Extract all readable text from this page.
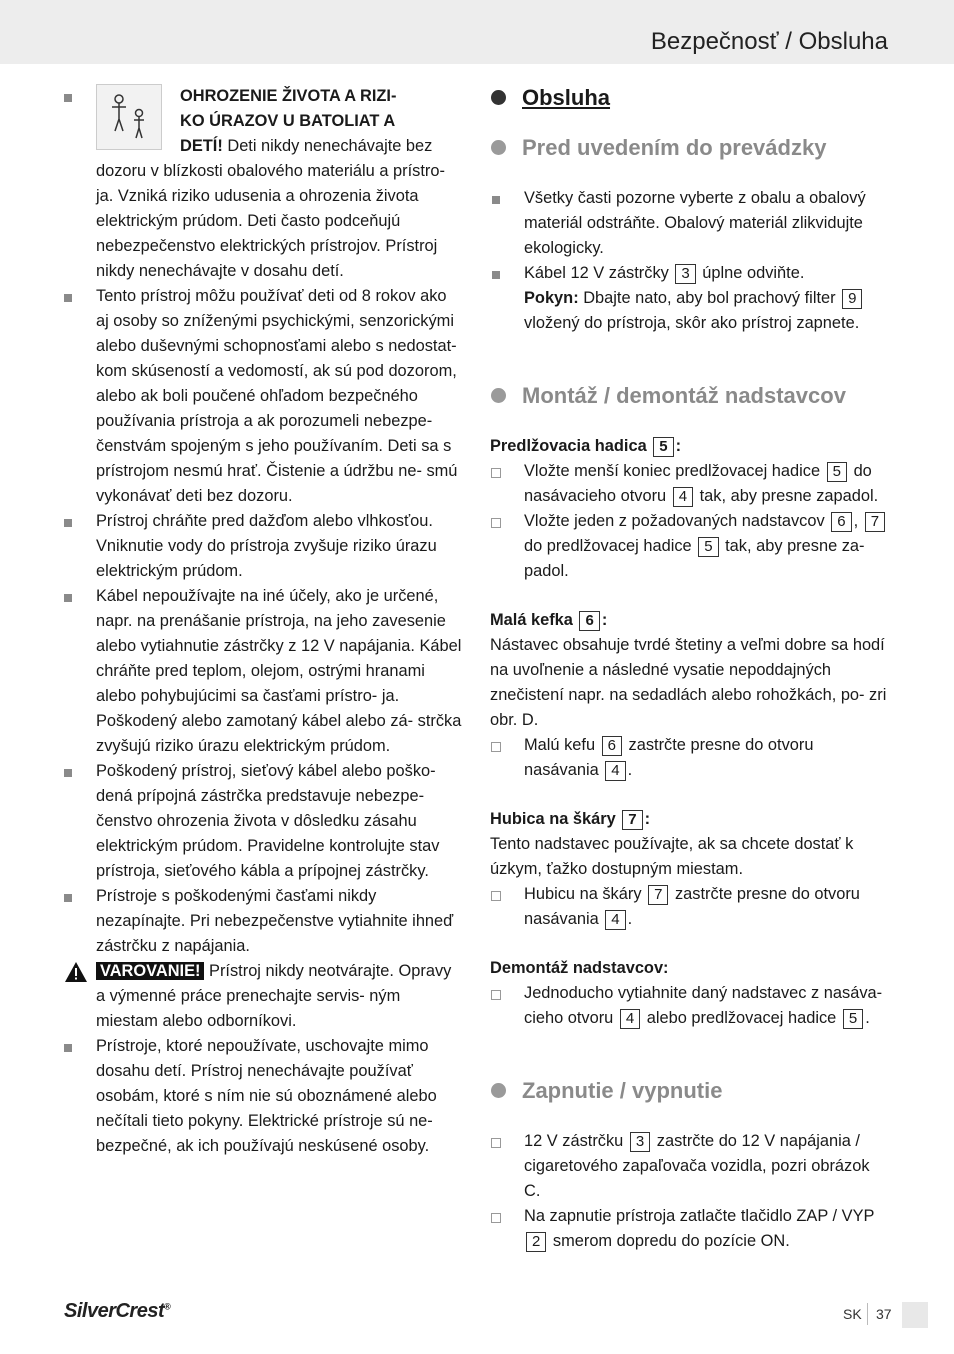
Bezpečnosť / Obsluha
OHROZENIE ŽIVOTA A RIZI-
KO ÚRAZOV U BATOLIAT A
DETÍ! Deti nikdy nenechávajte bez dozoru v blízkosti obalového materiálu a prístro- ja. Vzniká riziko udusenia a ohrozenia života elektrickým prúdom. Deti často podceňujú nebezpečenstvo elektrických prístrojov. Prístroj nikdy nenechávajte v dosahu detí.
Tento prístroj môžu používať deti od 8 rokov ako aj osoby so zníženými psychickými, senzorickými alebo duševnými schopnosťami alebo s nedostat- kom skúseností a vedomostí, ak sú pod dozorom, alebo ak boli poučené ohľadom bezpečného používania prístroja a ak porozumeli nebezpe- čenstvám spojeným s jeho používaním. Deti sa s prístrojom nesmú hrať. Čistenie a údržbu ne- smú vykonávať deti bez dozoru.
Prístroj chráňte pred dažďom alebo vlhkosťou. Vniknutie vody do prístroja zvyšuje riziko úrazu elektrickým prúdom.
Kábel nepoužívajte na iné účely, ako je určené, napr. na prenášanie prístroja, na jeho zavesenie alebo vytiahnutie zástrčky z 12 V napájania. Kábel chráňte pred teplom, olejom, ostrými hranami alebo pohybujúcimi sa časťami prístro- ja. Poškodený alebo zamotaný kábel alebo zá- strčka zvyšujú riziko úrazu elektrickým prúdom.
Poškodený prístroj, sieťový kábel alebo poško- dená prípojná zástrčka predstavuje nebezpe- čenstvo ohrozenia života v dôsledku zásahu elektrickým prúdom. Pravidelne kontrolujte stav prístroja, sieťového kábla a prípojnej zástrčky.
Prístroje s poškodenými časťami nikdy nezapínajte. Pri nebezpečenstve vytiahnite ihneď zástrčku z napájania.
VAROVANIE! Prístroj nikdy neotvárajte. Opravy a výmenné práce prenechajte servis- ným miestam alebo odborníkovi.
Prístroje, ktoré nepoužívate, uschovajte mimo dosahu detí. Prístroj nenechávajte používať osobám, ktoré s ním nie sú oboznámené alebo nečítali tieto pokyny. Elektrické prístroje sú ne- bezpečné, ak ich používajú neskúsené osoby.
Obsluha
Pred uvedením do prevádzky
Všetky časti pozorne vyberte z obalu a obalový materiál odstráňte. Obalový materiál zlikvidujte ekologicky.
Kábel 12 V zástrčky 3 úplne odviňte.
Pokyn: Dbajte nato, aby bol prachový filter 9 vložený do prístroja, skôr ako prístroj zapnete.
Montáž / demontáž nadstavcov
Predlžovacia hadica 5 :
Vložte menší koniec predlžovacej hadice 5 do nasávacieho otvoru 4 tak, aby presne zapadol.
Vložte jeden z požadovaných nadstavcov 6 , 7 do predlžovacej hadice 5 tak, aby presne za- padol.
Malá kefka 6 :
Nástavec obsahuje tvrdé štetiny a veľmi dobre sa hodí na uvoľnenie a následné vysatie nepoddajných znečistení napr. na sedadlách alebo rohožkách, po- zri obr. D.
Malú kefu 6 zastrčte presne do otvoru nasávania 4 .
Hubica na škáry 7 :
Tento nadstavec používajte, ak sa chcete dostať k úzkym, ťažko dostupným miestam.
Hubicu na škáry 7 zastrčte presne do otvoru nasávania 4 .
Demontáž nadstavcov:
Jednoducho vytiahnite daný nadstavec z nasáva- cieho otvoru 4 alebo predlžovacej hadice 5 .
Zapnutie / vypnutie
12 V zástrčku 3 zastrčte do 12 V napájania / cigaretového zapaľovača vozidla, pozri obrázok C.
Na zapnutie prístroja zatlačte tlačidlo ZAP / VYP 2 smerom dopredu do pozície ON.
SilverCrest®	SK 37
